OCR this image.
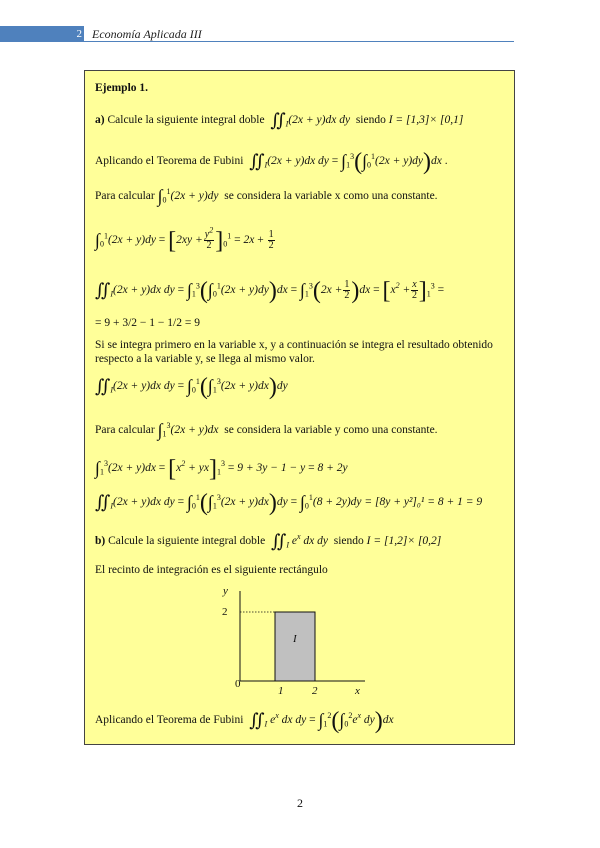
2 Economía Aplicada III
Ejemplo 1.
a) Calcule la siguiente integral doble $∬_I(2x + y)dx$ dy siendo I = [1,3]× [0,1]
Aplicando el Teorema de Fubini $∬_I(2x + y)dx$ dy = $\int_1^3(\int_0^1(2x + y)dy)dx$ .
Para calcular $\int_0^1(2x + y)dy$ se considera la variable x como una constante.
$\int_0^1(2x + y)dy = [2xy + \frac{y^2}{2} ]_0^1 = 2x + \frac{1}{2}$
$∬_I(2x + y)dx$ dy = $\int_1^3(\int_0^1(2x + y)dy)dx = \int_1^3(2x + \frac{1}{2} )dx = [x^2 + \frac{x}{2} ]_1^3$ =
= 9 + 3/2 − 1 − 1/2 = 9
Si se integra primero en la variable x, y a continuación se integra el resultado obtenido respecto a la variable y, se llega al mismo valor.
$∬_I(2x + y)dx$ dy = $\int_0^1(\int_1^3(2x + y)dx)dy$
Para calcular $\int_1^3(2x + y)dx$ se considera la variable y como una constante.
$\int_1^3(2x + y)dx = [x^2 + yx]_1^3 = 9 + 3y - 1 - y = 8 + 2y$
$∬_I(2x + y)dx$ dy = $\int_0^1(\int_1^3(2x + y)dx)dy = \int_0^1(8 + 2y)dy = [8y + y^2]_0^1 = 8 + 1 = 9$
b) Calcule la siguiente integral doble $∬_I$ $e^x$ dx dy siendo I = [1,2]× [0,2]
El recinto de integración es el siguiente rectángulo
y
2
0
1	2	x
I
Aplicando el Teorema de Fubini $∬_I$ $e^x$ dx dy = $\int_1^2(\int_0^2e^x$ dy)dx
2
